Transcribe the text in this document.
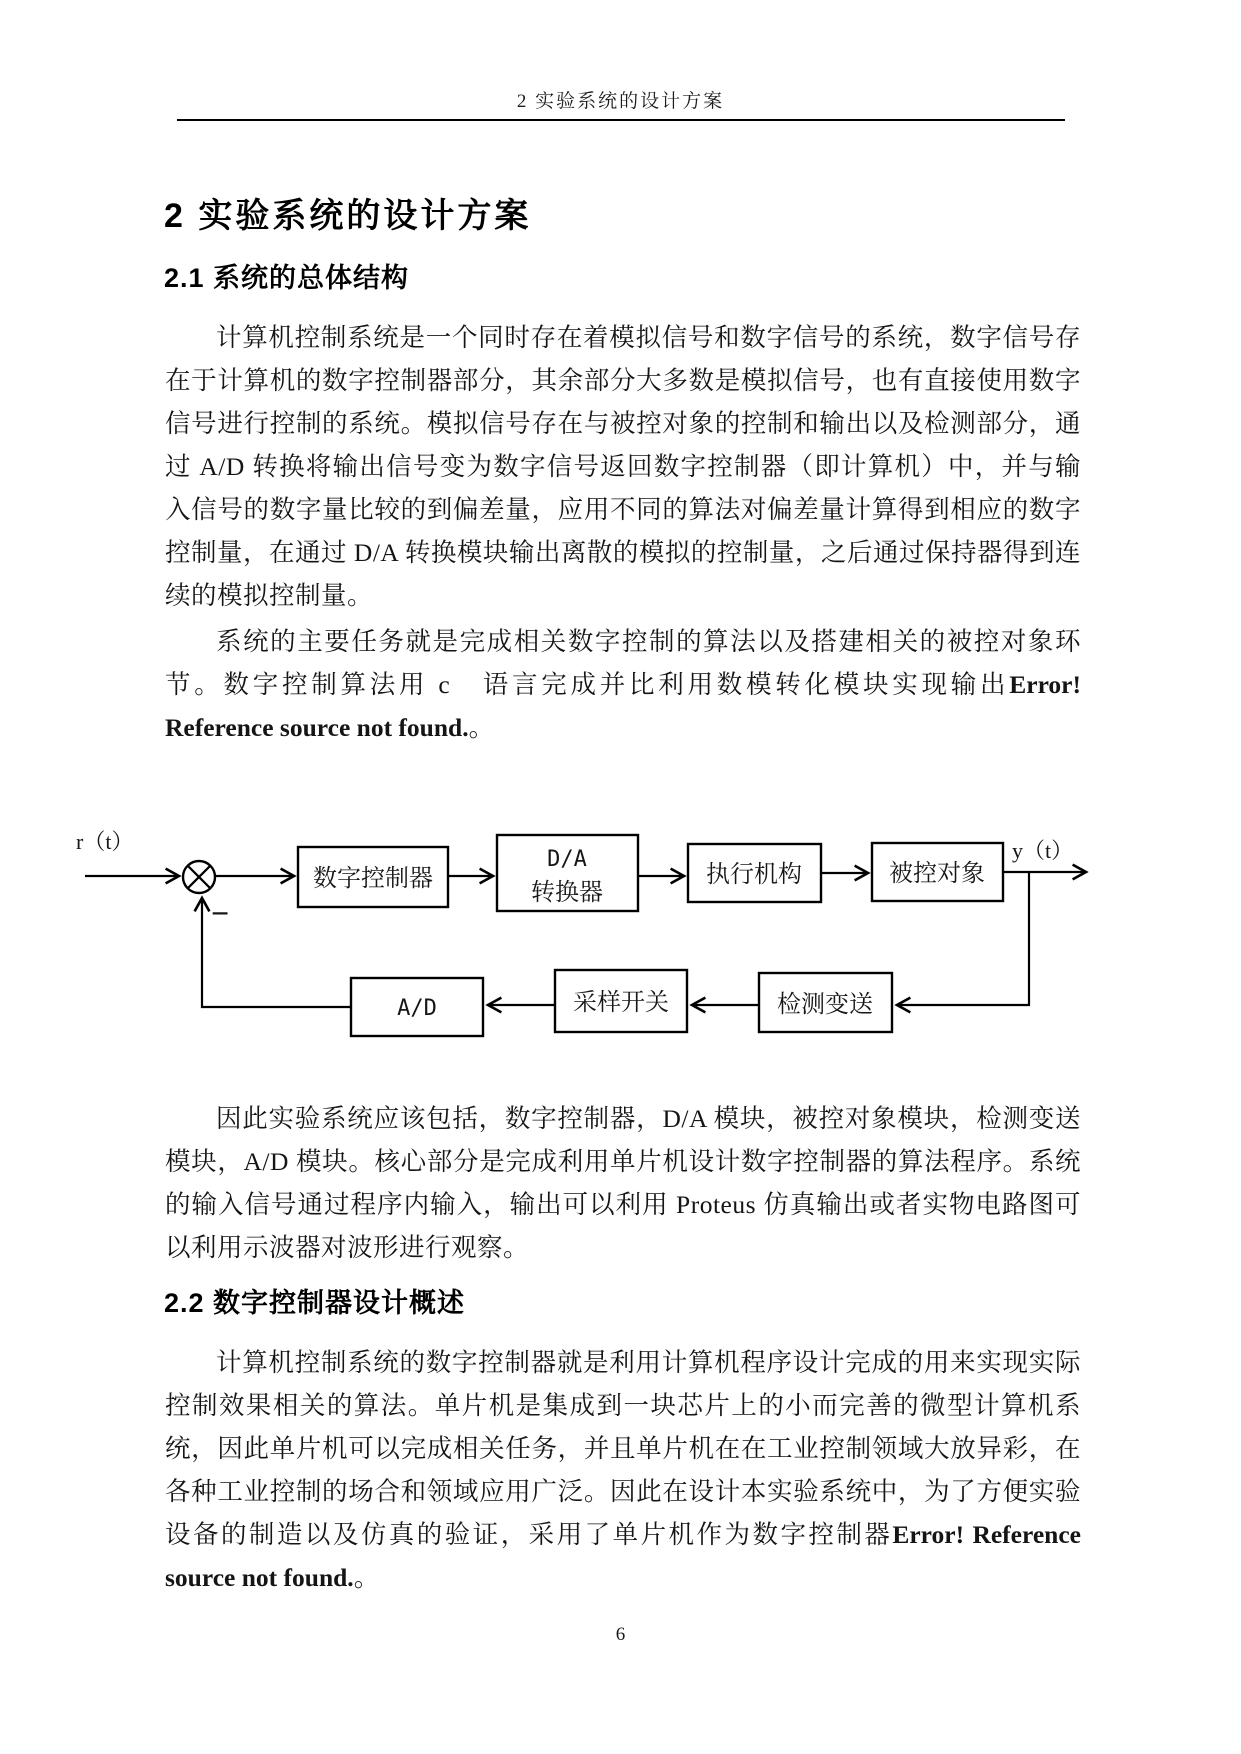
2 实验系统的设计方案
2 实验系统的设计方案
2.1 系统的总体结构

计算机控制系统是一个同时存在着模拟信号和数字信号的系统，数字信号存在于计算机的数字控制器部分，其余部分大多数是模拟信号，也有直接使用数字信号进行控制的系统。模拟信号存在与被控对象的控制和输出以及检测部分，通过 A/D 转换将输出信号变为数字信号返回数字控制器（即计算机）中，并与输入信号的数字量比较的到偏差量，应用不同的算法对偏差量计算得到相应的数字控制量，在通过 D/A 转换模块输出离散的模拟的控制量，之后通过保持器得到连续的模拟控制量。

系统的主要任务就是完成相关数字控制的算法以及搭建相关的被控对象环节。数字控制算法用 c　语言完成并比利用数模转化模块实现输出Error! Reference source not found.。

r（t）
−
数字控制器
D/A
转换器
执行机构	被控对象
y（t）
检测变送
采样开关
A/D

因此实验系统应该包括，数字控制器，D/A 模块，被控对象模块，检测变送模块，A/D 模块。核心部分是完成利用单片机设计数字控制器的算法程序。系统的输入信号通过程序内输入，输出可以利用 Proteus 仿真输出或者实物电路图可以利用示波器对波形进行观察。

2.2 数字控制器设计概述

计算机控制系统的数字控制器就是利用计算机程序设计完成的用来实现实际控制效果相关的算法。单片机是集成到一块芯片上的小而完善的微型计算机系统，因此单片机可以完成相关任务，并且单片机在在工业控制领域大放异彩，在各种工业控制的场合和领域应用广泛。因此在设计本实验系统中，为了方便实验设备的制造以及仿真的验证，采用了单片机作为数字控制器Error! Reference source not found.。

6
